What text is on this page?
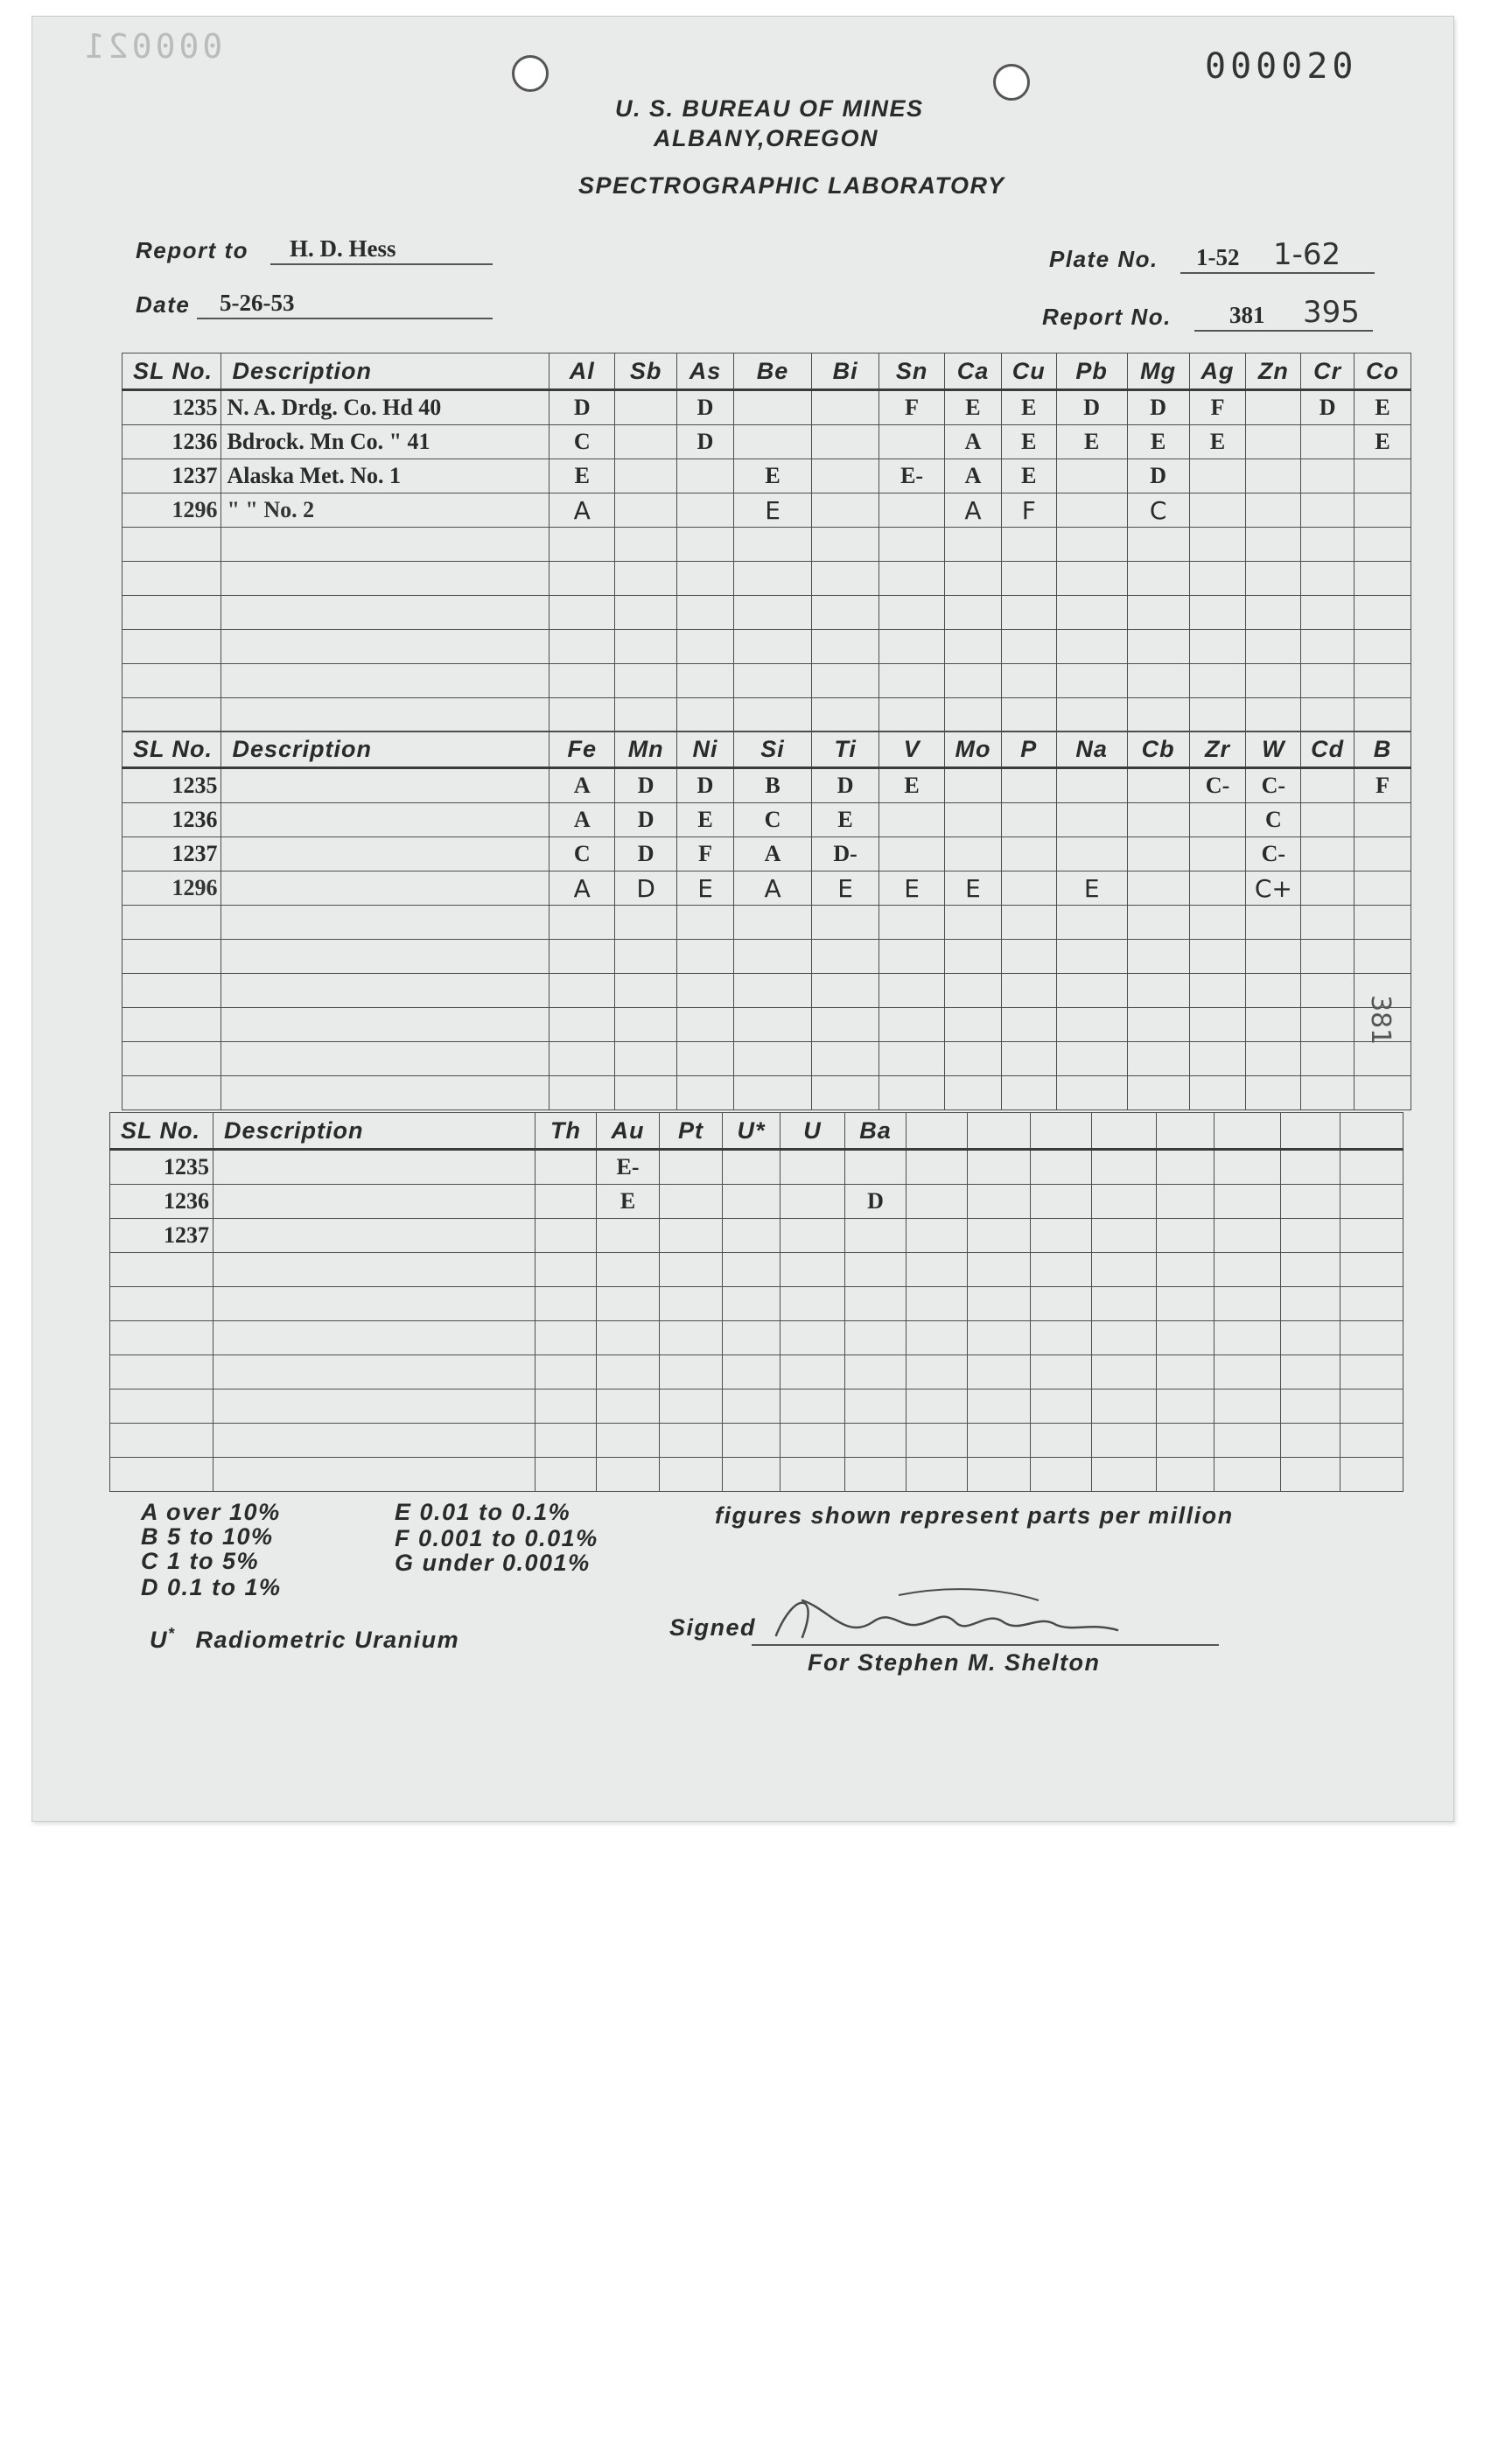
000021	000020
U. S. BUREAU OF MINES
ALBANY,OREGON
SPECTROGRAPHIC LABORATORY
Report to H. D. Hess
Date 5-26-53
Plate No. 1-52 1-62
Report No. 381 395
SL No.	Description	Al	Sb	As	Be	Bi	Sn	Ca	Cu	Pb	Mg	Ag	Zn	Cr	Co
1235	N. A. Drdg. Co. Hd 40	D		D			F	E	E	D	D	F		D	E
1236	Bdrock. Mn Co. " 41	C		D				A	E	E	E	E			E
1237	Alaska Met. No. 1	E			E		E-	A	E		D				
1296	" " No. 2	A			E			A	F		C				

SL No.	Description	Fe	Mn	Ni	Si	Ti	V	Mo	P	Na	Cb	Zr	W	Cd	B
1235		A	D	D	B	D	E					C-	C-		F
1236		A	D	E	C	E							C		
1237		C	D	F	A	D-							C-		
1296		A	D	E	A	E	E	E		E			C+		

SL No.	Description	Th	Au	Pt	U*	U	Ba								
1235			E-												
1236			E				D								
1237															

A over 10%
B 5 to 10%
C 1 to 5%
D 0.1 to 1%
E 0.01 to 0.1%
F 0.001 to 0.01%
G under 0.001%
figures shown represent parts per million
U* Radiometric Uranium	Signed
For Stephen M. Shelton
381
